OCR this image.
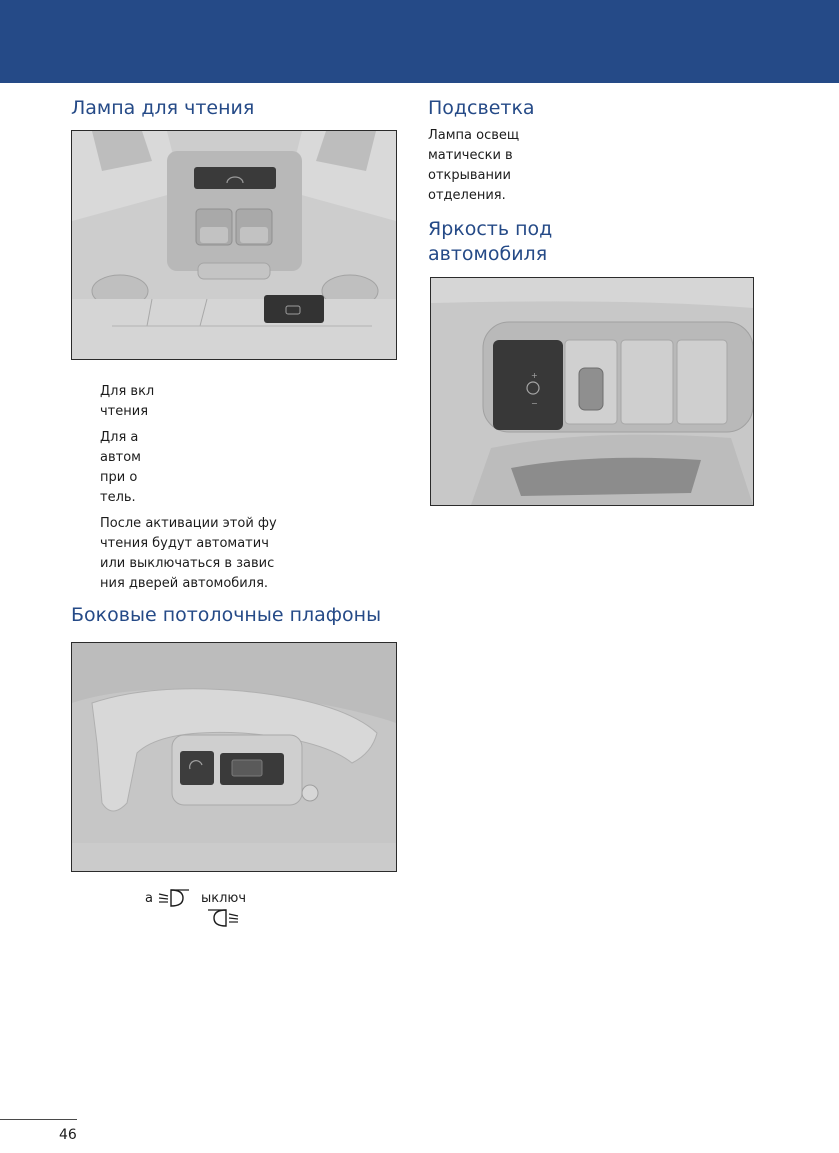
Лампа для чтения

Для вкл
чтения

Для а
автом
при о
тель.

После активации этой фу
чтения будут автоматич
или выключаться в завис
ния дверей автомобиля.

Боковые потолочные плафоны
а	ыключ
Подсветка

Лампа освещ
матически в
открывании
отделения.

Яркость под
автомобиля
+
−
46
